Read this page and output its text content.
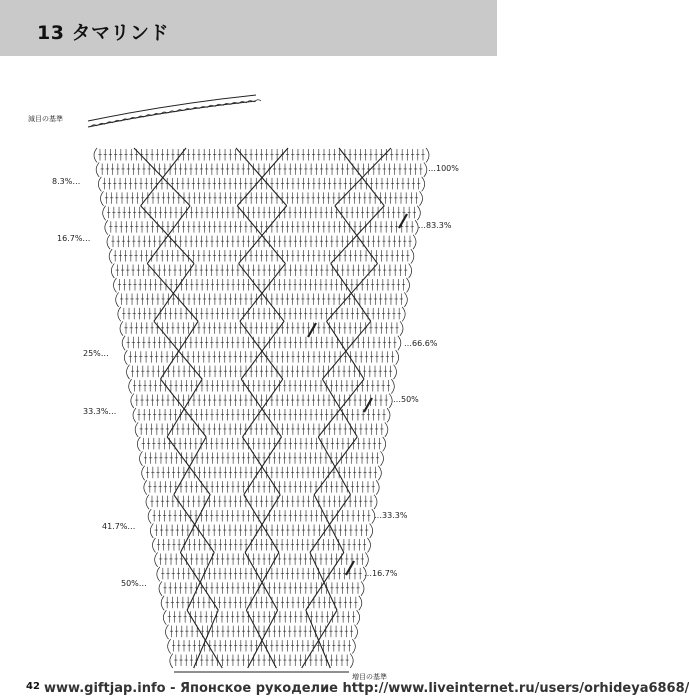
13 タマリンド
減目の基準
増目の基準
8.3%…
16.7%…
25%…
33.3%…
41.7%…
50%…
…100%
…83.3%
…66.6%
…50%
…33.3%
…16.7%
42 www.giftjap.info - Японское рукоделие http://www.liveinternet.ru/users/orhideya6868/
